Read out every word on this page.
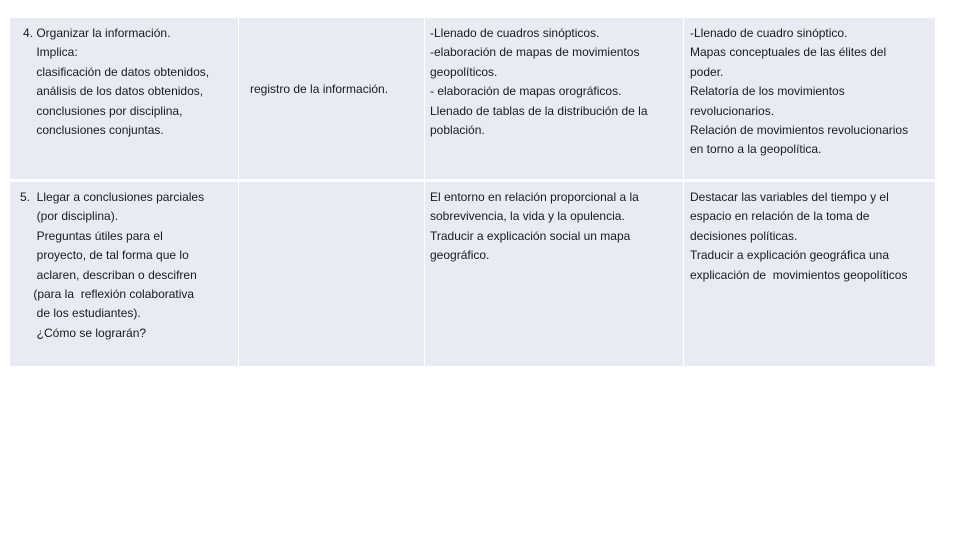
4. Organizar la información.
Implica:
clasificación de datos obtenidos,
análisis de los datos obtenidos,
conclusiones por disciplina,
conclusiones conjuntas.
registro de la información.
-Llenado de cuadros sinópticos.
-elaboración de mapas de movimientos
geopolíticos.
- elaboración de mapas orográficos.
Llenado de tablas de la distribución de la
población.
-Llenado de cuadro sinóptico.
Mapas conceptuales de las élites del
poder.
Relatoría de los movimientos
revolucionarios.
Relación de movimientos revolucionarios
en torno a la geopolítica.
5.  Llegar a conclusiones parciales
(por disciplina).
Preguntas útiles para el
proyecto, de tal forma que lo
aclaren, describan o descifren
(para la  reflexión colaborativa
de los estudiantes).
¿Cómo se lograrán?
El entorno en relación proporcional a la
sobrevivencia, la vida y la opulencia.
Traducir a explicación social un mapa
geográfico.
Destacar las variables del tiempo y el
espacio en relación de la toma de
decisiones políticas.
Traducir a explicación geográfica una
explicación de  movimientos geopolíticos
